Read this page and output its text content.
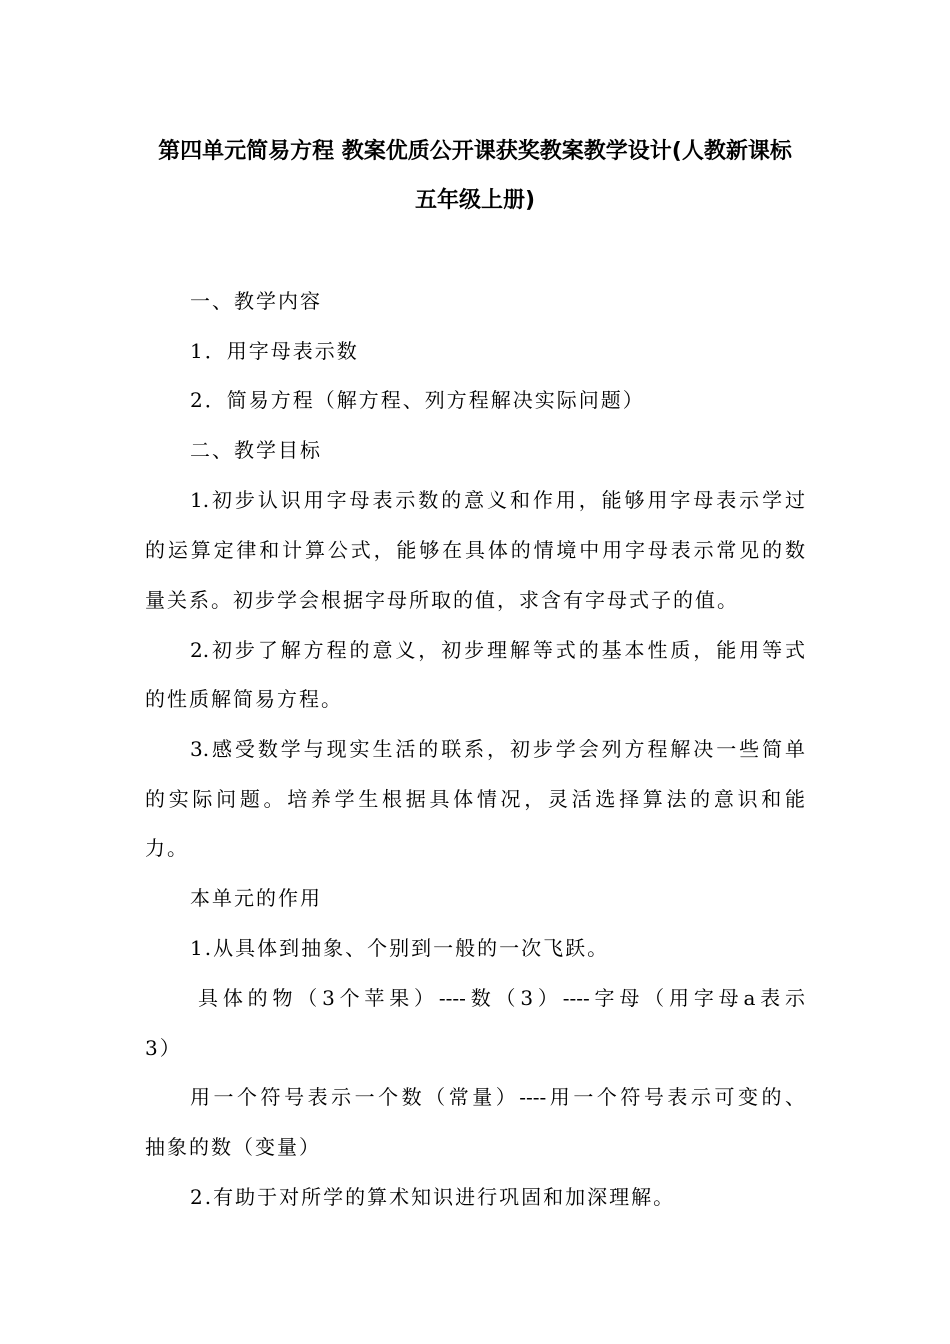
第四单元简易方程 教案优质公开课获奖教案教学设计(人教新课标
五年级上册)
一、教学内容
1．用字母表示数
2．简易方程（解方程、列方程解决实际问题）
二、教学目标
1.初步认识用字母表示数的意义和作用，能够用字母表示学过
的运算定律和计算公式，能够在具体的情境中用字母表示常见的数
量关系。初步学会根据字母所取的值，求含有字母式子的值。
2.初步了解方程的意义，初步理解等式的基本性质，能用等式
的性质解简易方程。
3.感受数学与现实生活的联系，初步学会列方程解决一些简单
的实际问题。培养学生根据具体情况，灵活选择算法的意识和能
力。
本单元的作用
1.从具体到抽象、个别到一般的一次飞跃。
具体的物（3个苹果）----数（3）----字母（用字母a表示
3）
用一个符号表示一个数（常量）----用一个符号表示可变的、
抽象的数（变量）
2.有助于对所学的算术知识进行巩固和加深理解。
